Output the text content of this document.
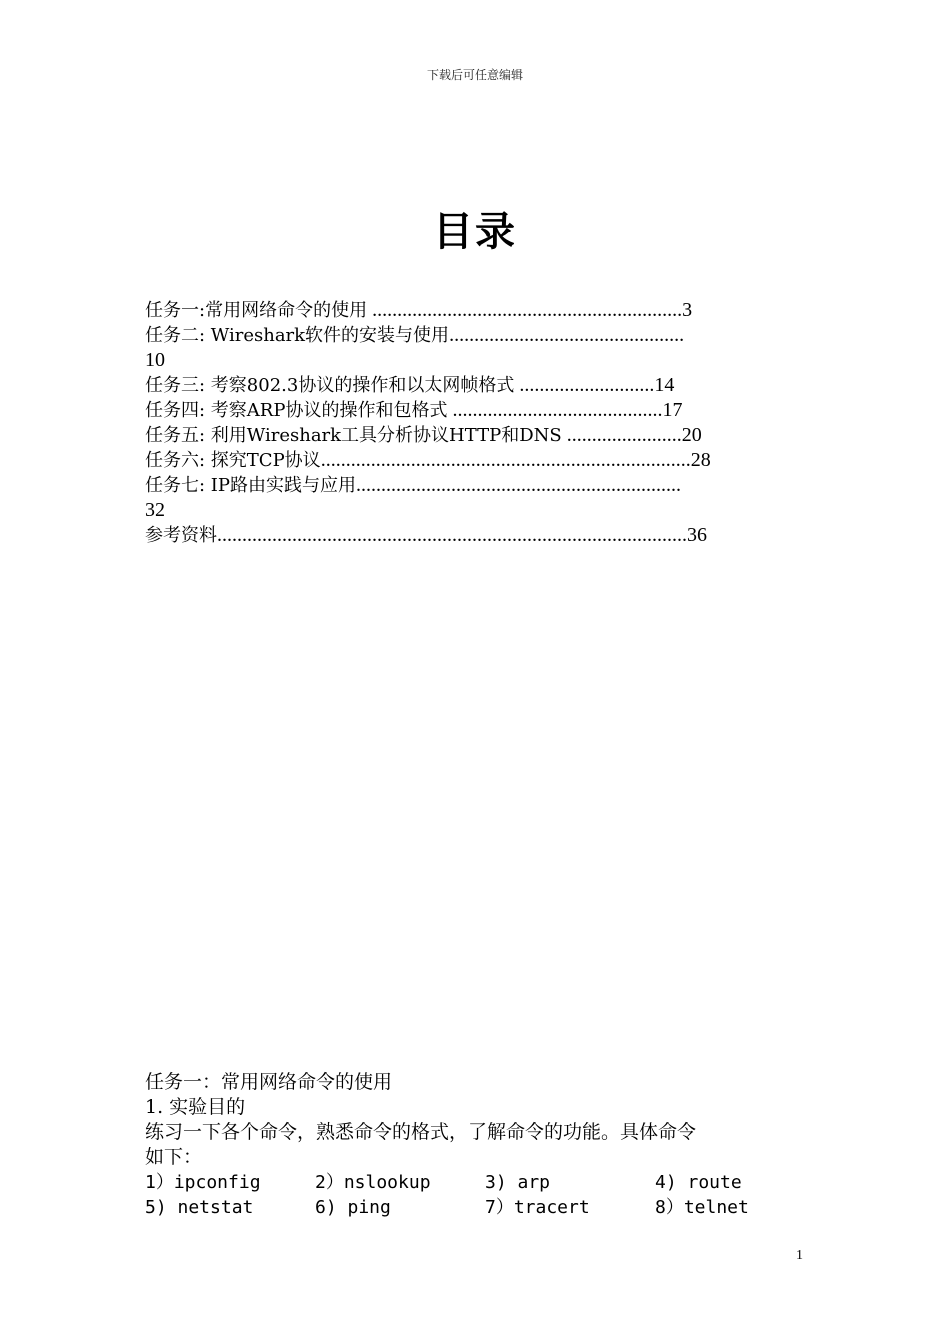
下载后可任意编辑
目录
任务一:常用网络命令的使用 ..............................................................3
任务二: Wireshark软件的安装与使用...............................................
10
任务三: 考察802.3协议的操作和以太网帧格式 ...........................14
任务四: 考察ARP协议的操作和包格式 ..........................................17
任务五: 利用Wireshark工具分析协议HTTP和DNS .......................20
任务六: 探究TCP协议..........................................................................28
任务七: IP路由实践与应用.................................................................
32
参考资料..............................................................................................36
任务一：常用网络命令的使用
1. 实验目的
练习一下各个命令，熟悉命令的格式，了解命令的功能。具体命令
如下：
1）ipconfig	2）nslookup	3) arp	4) route
5) netstat	6) ping	7）tracert	8）telnet
1
